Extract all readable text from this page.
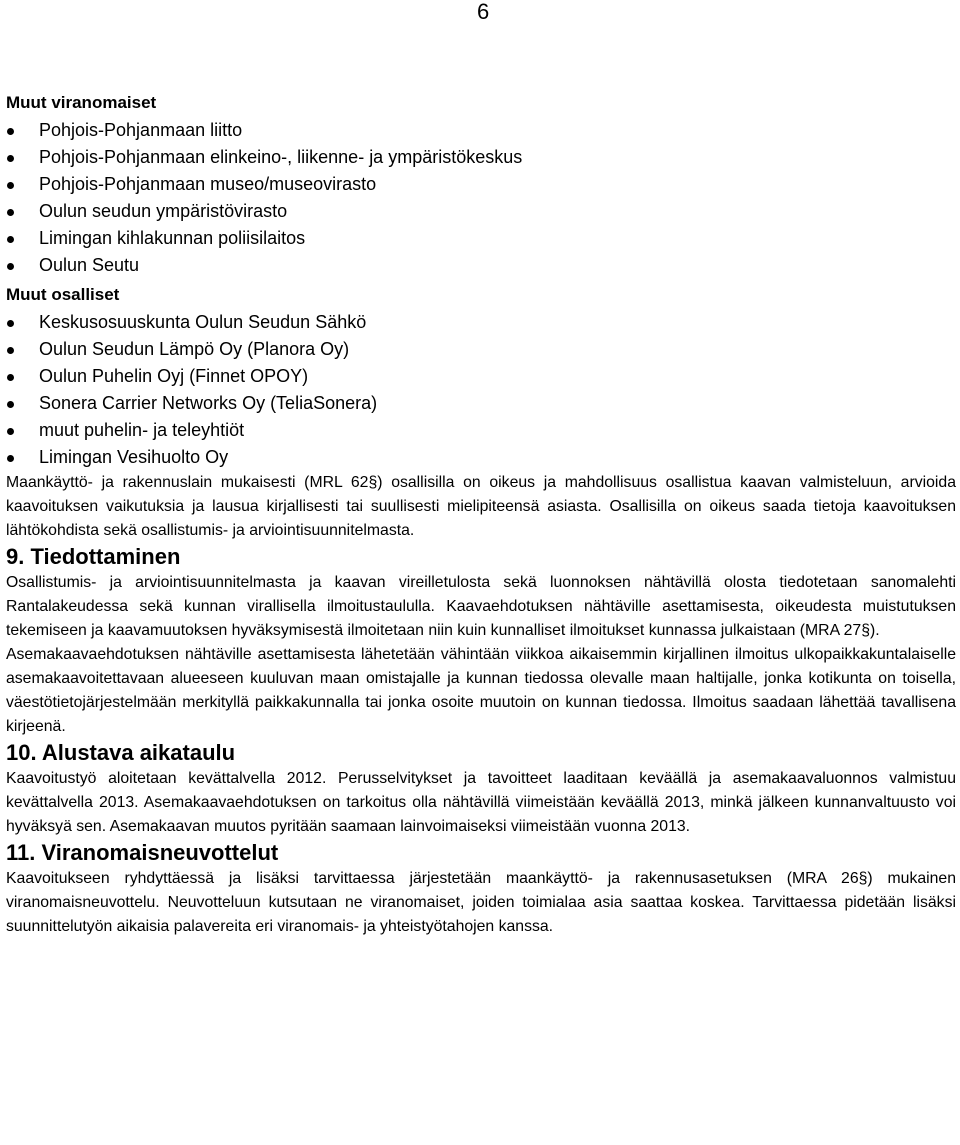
6

Muut viranomaiset

Pohjois-Pohjanmaan liitto
Pohjois-Pohjanmaan elinkeino-, liikenne- ja ympäristökeskus
Pohjois-Pohjanmaan museo/museovirasto
Oulun seudun ympäristövirasto
Limingan kihlakunnan poliisilaitos
Oulun Seutu

Muut osalliset

Keskusosuuskunta Oulun Seudun Sähkö
Oulun Seudun Lämpö Oy (Planora Oy)
Oulun Puhelin Oyj (Finnet OPOY)
Sonera Carrier Networks Oy (TeliaSonera)
muut puhelin- ja teleyhtiöt
Limingan Vesihuolto Oy

Maankäyttö- ja rakennuslain mukaisesti (MRL 62§) osallisilla on oikeus ja mahdollisuus osallistua kaavan valmisteluun, arvioida kaavoituksen vaikutuksia ja lausua kirjallisesti tai suullisesti mielipiteensä asiasta. Osallisilla on oikeus saada tietoja kaavoituksen lähtökohdista sekä osallistumis- ja arviointisuunnitelmasta.

9. Tiedottaminen

Osallistumis- ja arviointisuunnitelmasta ja kaavan vireilletulosta sekä luonnoksen nähtävillä olosta tiedotetaan sanomalehti Rantalakeudessa sekä kunnan virallisella ilmoitustaululla. Kaavaehdotuksen nähtäville asettamisesta, oikeudesta muistutuksen tekemiseen ja kaavamuutoksen hyväksymisestä ilmoitetaan niin kuin kunnalliset ilmoitukset kunnassa julkaistaan (MRA 27§).

Asemakaavaehdotuksen nähtäville asettamisesta lähetetään vähintään viikkoa aikaisemmin kirjallinen ilmoitus ulkopaikkakuntalaiselle asemakaavoitettavaan alueeseen kuuluvan maan omistajalle ja kunnan tiedossa olevalle maan haltijalle, jonka kotikunta on toisella, väestötietojärjestelmään merkityllä paikkakunnalla tai jonka osoite muutoin on kunnan tiedossa. Ilmoitus saadaan lähettää tavallisena kirjeenä.

10. Alustava aikataulu

Kaavoitustyö aloitetaan kevättalvella 2012. Perusselvitykset ja tavoitteet laaditaan keväällä ja asemakaavaluonnos valmistuu kevättalvella 2013. Asemakaavaehdotuksen on tarkoitus olla nähtävillä viimeistään keväällä 2013, minkä jälkeen kunnanvaltuusto voi hyväksyä sen. Asemakaavan muutos pyritään saamaan lainvoimaiseksi viimeistään vuonna 2013.

11. Viranomaisneuvottelut

Kaavoitukseen ryhdyttäessä ja lisäksi tarvittaessa järjestetään maankäyttö- ja rakennusasetuksen (MRA 26§) mukainen viranomaisneuvottelu. Neuvotteluun kutsutaan ne viranomaiset, joiden toimialaa asia saattaa koskea. Tarvittaessa pidetään lisäksi suunnittelutyön aikaisia palavereita eri viranomais- ja yhteistyötahojen kanssa.
